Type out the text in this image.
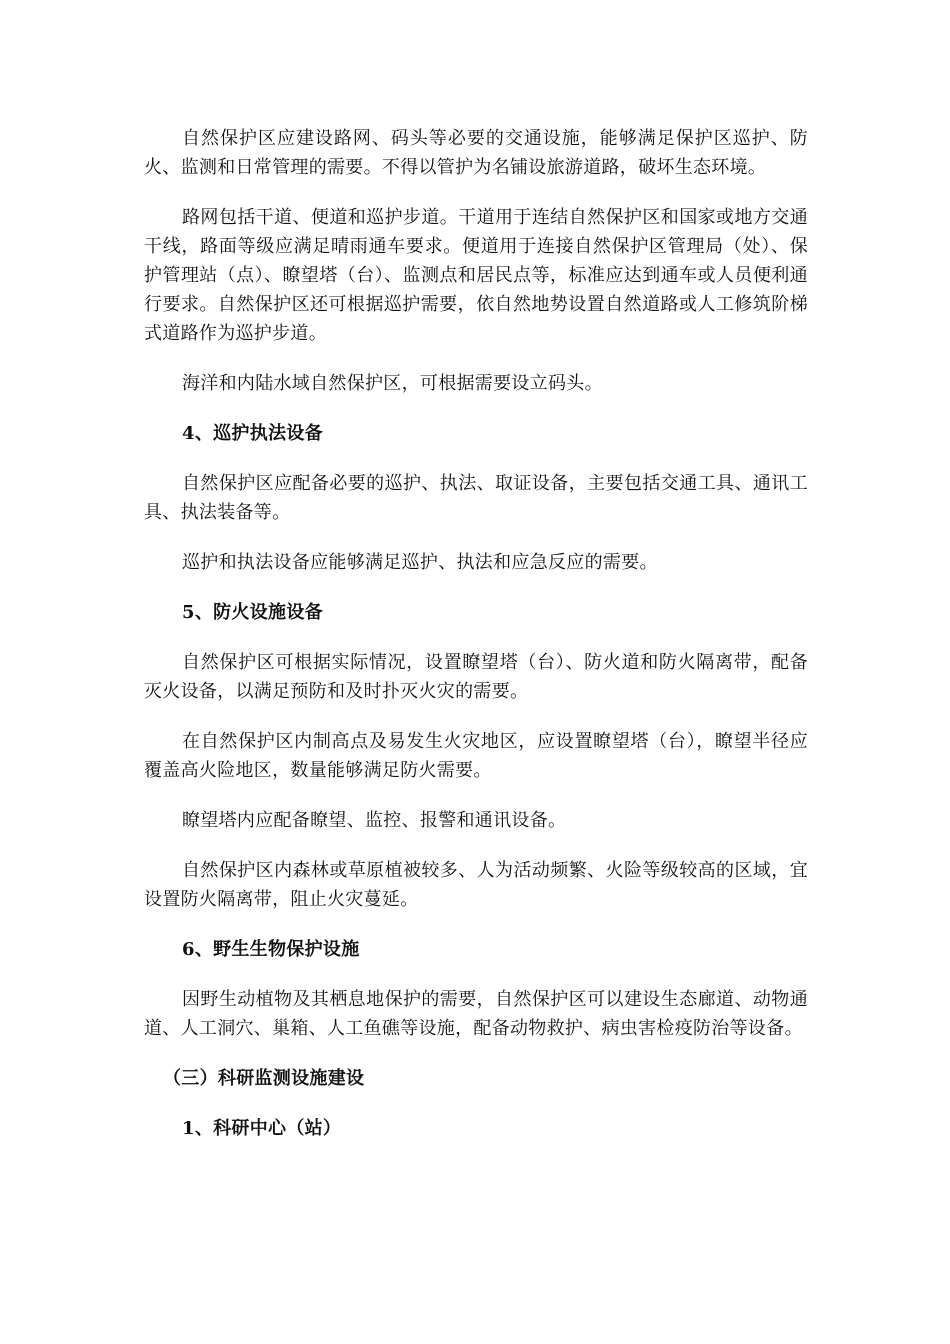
自然保护区应建设路网、码头等必要的交通设施，能够满足保护区巡护、防火、监测和日常管理的需要。不得以管护为名铺设旅游道路，破坏生态环境。

路网包括干道、便道和巡护步道。干道用于连结自然保护区和国家或地方交通干线，路面等级应满足晴雨通车要求。便道用于连接自然保护区管理局（处）、保护管理站（点）、瞭望塔（台）、监测点和居民点等，标准应达到通车或人员便利通行要求。自然保护区还可根据巡护需要，依自然地势设置自然道路或人工修筑阶梯式道路作为巡护步道。

海洋和内陆水域自然保护区，可根据需要设立码头。

4、巡护执法设备

自然保护区应配备必要的巡护、执法、取证设备，主要包括交通工具、通讯工具、执法装备等。

巡护和执法设备应能够满足巡护、执法和应急反应的需要。

5、防火设施设备

自然保护区可根据实际情况，设置瞭望塔（台）、防火道和防火隔离带，配备灭火设备，以满足预防和及时扑灭火灾的需要。

在自然保护区内制高点及易发生火灾地区，应设置瞭望塔（台），瞭望半径应覆盖高火险地区，数量能够满足防火需要。

瞭望塔内应配备瞭望、监控、报警和通讯设备。

自然保护区内森林或草原植被较多、人为活动频繁、火险等级较高的区域，宜设置防火隔离带，阻止火灾蔓延。

6、野生生物保护设施

因野生动植物及其栖息地保护的需要，自然保护区可以建设生态廊道、动物通道、人工洞穴、巢箱、人工鱼礁等设施，配备动物救护、病虫害检疫防治等设备。

（三）科研监测设施建设

1、科研中心（站）
